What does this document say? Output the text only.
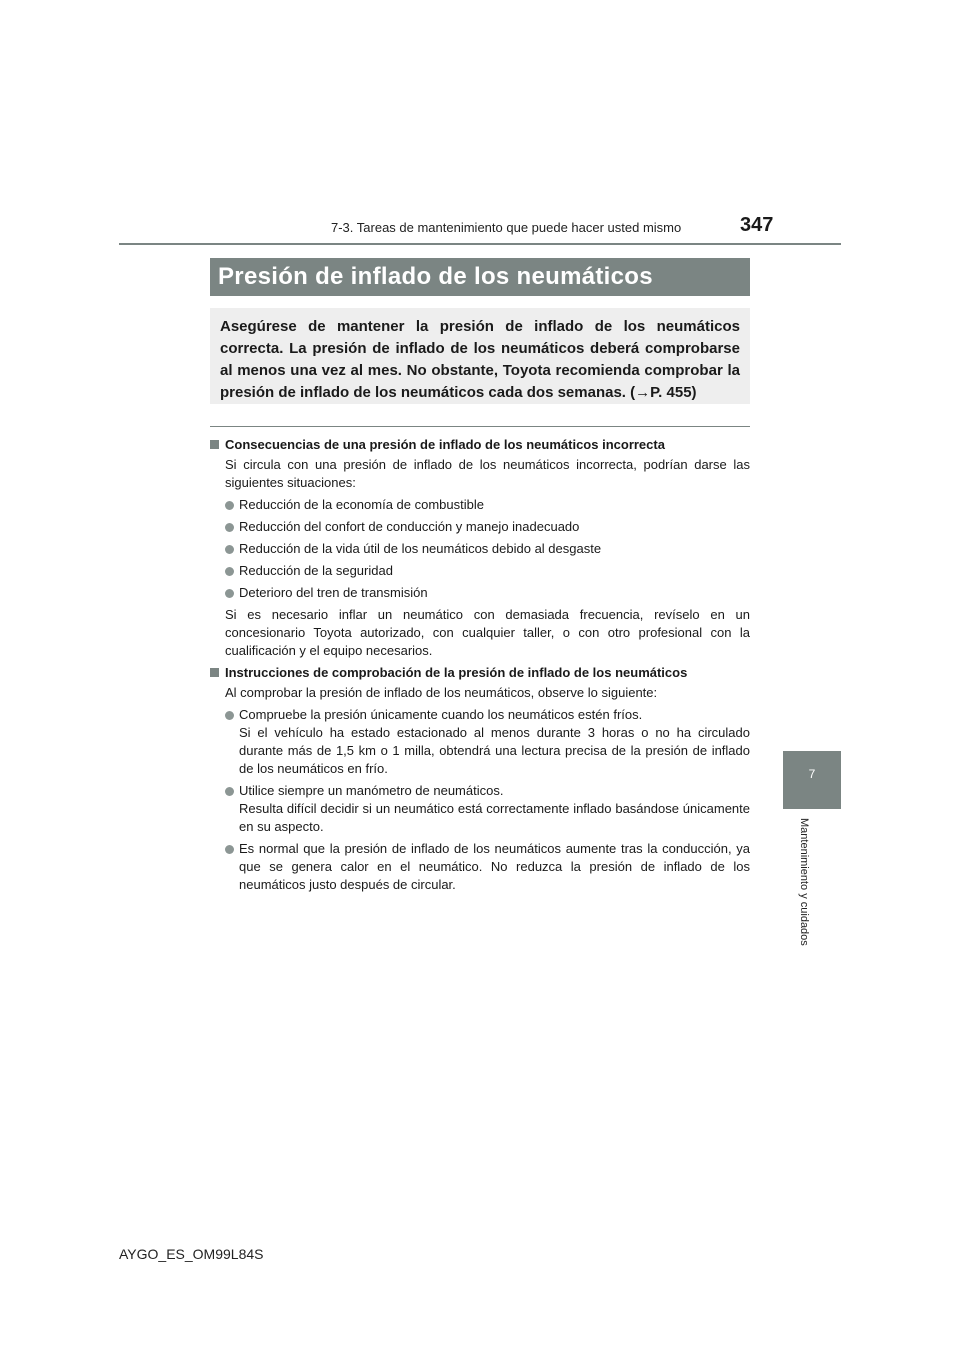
7-3. Tareas de mantenimiento que puede hacer usted mismo	347
7
Mantenimiento y cuidados
Presión de inflado de los neumáticos
Asegúrese de mantener la presión de inflado de los neumáticos correcta. La presión de inflado de los neumáticos deberá comprobarse al menos una vez al mes. No obstante, Toyota recomienda comprobar la presión de inflado de los neumáticos cada dos semanas. (→P. 455)
Consecuencias de una presión de inflado de los neumáticos incorrecta
Si circula con una presión de inflado de los neumáticos incorrecta, podrían darse las siguientes situaciones:
Reducción de la economía de combustible
Reducción del confort de conducción y manejo inadecuado
Reducción de la vida útil de los neumáticos debido al desgaste
Reducción de la seguridad
Deterioro del tren de transmisión
Si es necesario inflar un neumático con demasiada frecuencia, revíselo en un concesionario Toyota autorizado, con cualquier taller, o con otro profesional con la cualificación y el equipo necesarios.
Instrucciones de comprobación de la presión de inflado de los neumáticos
Al comprobar la presión de inflado de los neumáticos, observe lo siguiente:
Compruebe la presión únicamente cuando los neumáticos estén fríos.
Si el vehículo ha estado estacionado al menos durante 3 horas o no ha circulado durante más de 1,5 km o 1 milla, obtendrá una lectura precisa de la presión de inflado de los neumáticos en frío.
Utilice siempre un manómetro de neumáticos.
Resulta difícil decidir si un neumático está correctamente inflado basándose únicamente en su aspecto.
Es normal que la presión de inflado de los neumáticos aumente tras la conducción, ya que se genera calor en el neumático. No reduzca la presión de inflado de los neumáticos justo después de circular.
AYGO_ES_OM99L84S
